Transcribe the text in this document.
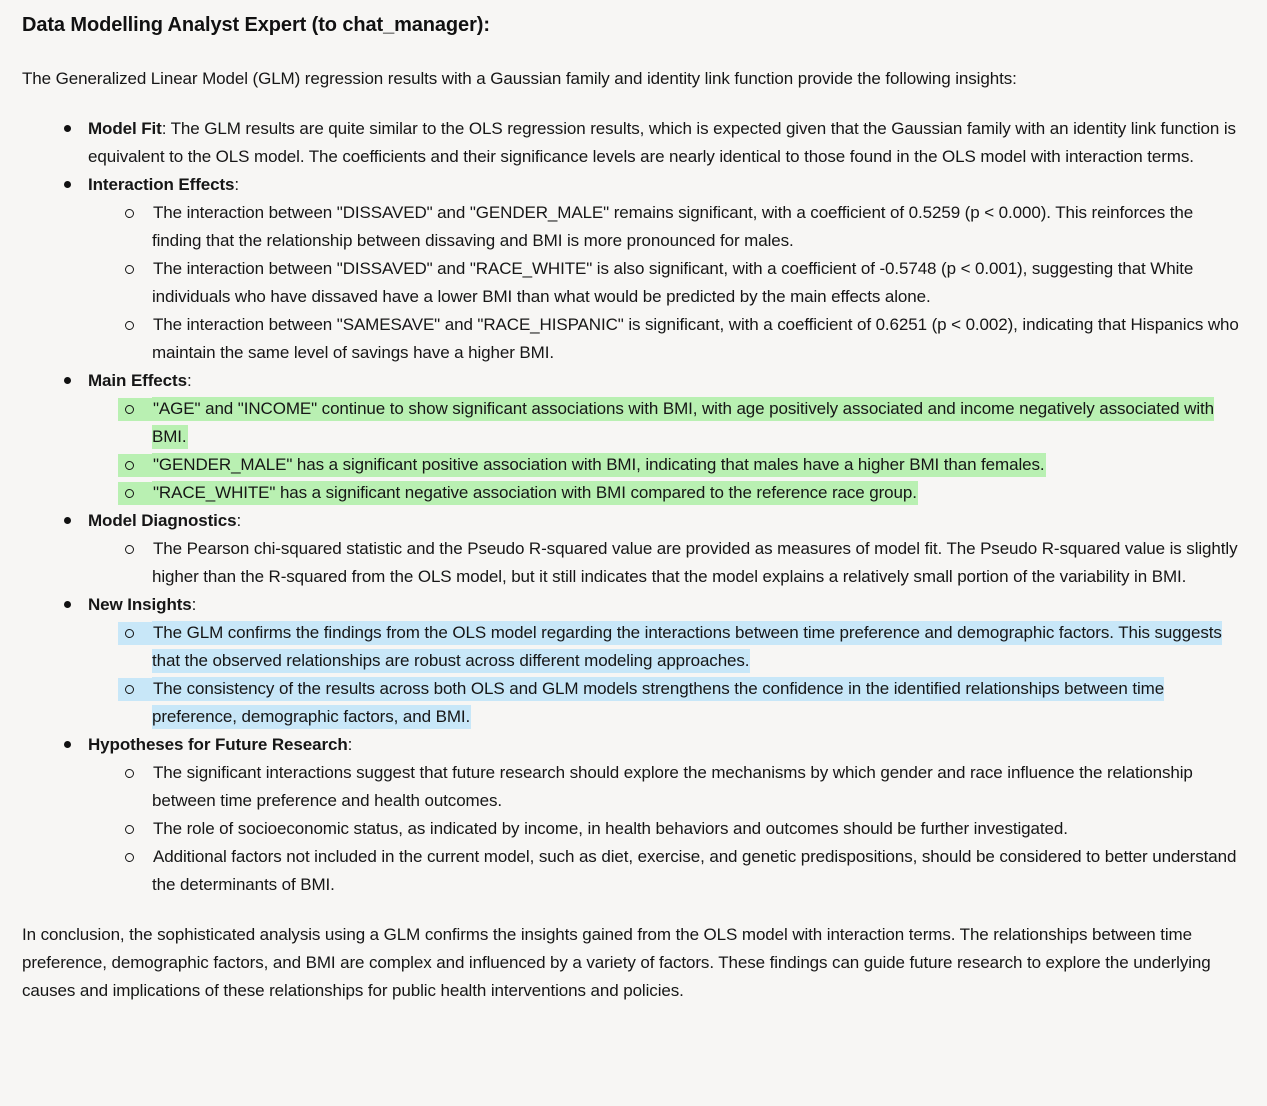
Data Modelling Analyst Expert (to chat_manager):

The Generalized Linear Model (GLM) regression results with a Gaussian family and identity link function provide the following insights:

Model Fit: The GLM results are quite similar to the OLS regression results, which is expected given that the Gaussian family with an identity link function is equivalent to the OLS model. The coefficients and their significance levels are nearly identical to those found in the OLS model with interaction terms.
Interaction Effects:
The interaction between "DISSAVED" and "GENDER_MALE" remains significant, with a coefficient of 0.5259 (p < 0.000). This reinforces the finding that the relationship between dissaving and BMI is more pronounced for males.
The interaction between "DISSAVED" and "RACE_WHITE" is also significant, with a coefficient of -0.5748 (p < 0.001), suggesting that White individuals who have dissaved have a lower BMI than what would be predicted by the main effects alone.
The interaction between "SAMESAVE" and "RACE_HISPANIC" is significant, with a coefficient of 0.6251 (p < 0.002), indicating that Hispanics who maintain the same level of savings have a higher BMI.
Main Effects:
"AGE" and "INCOME" continue to show significant associations with BMI, with age positively associated and income negatively associated with BMI.
"GENDER_MALE" has a significant positive association with BMI, indicating that males have a higher BMI than females.
"RACE_WHITE" has a significant negative association with BMI compared to the reference race group.
Model Diagnostics:
The Pearson chi-squared statistic and the Pseudo R-squared value are provided as measures of model fit. The Pseudo R-squared value is slightly higher than the R-squared from the OLS model, but it still indicates that the model explains a relatively small portion of the variability in BMI.
New Insights:
The GLM confirms the findings from the OLS model regarding the interactions between time preference and demographic factors. This suggests that the observed relationships are robust across different modeling approaches.
The consistency of the results across both OLS and GLM models strengthens the confidence in the identified relationships between time preference, demographic factors, and BMI.
Hypotheses for Future Research:
The significant interactions suggest that future research should explore the mechanisms by which gender and race influence the relationship between time preference and health outcomes.
The role of socioeconomic status, as indicated by income, in health behaviors and outcomes should be further investigated.
Additional factors not included in the current model, such as diet, exercise, and genetic predispositions, should be considered to better understand the determinants of BMI.

In conclusion, the sophisticated analysis using a GLM confirms the insights gained from the OLS model with interaction terms. The relationships between time preference, demographic factors, and BMI are complex and influenced by a variety of factors. These findings can guide future research to explore the underlying causes and implications of these relationships for public health interventions and policies.
